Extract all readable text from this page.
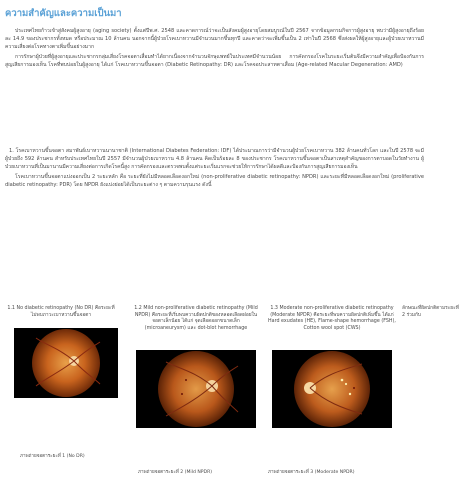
ความสำคัญและความเป็นมา
ประเทศไทยก้าวเข้าสู่สังคมผู้สูงอายุ (aging society) ตั้งแต่ปีพ.ศ. 2548 และคาดการณ์ว่าจะเป็นสังคมผู้สูงอายุโดยสมบูรณ์ในปี 2567 จากข้อมูลกรมกิจการผู้สูงอายุ พบว่ามีผู้สูงอายุถึงร้อยละ 14.9 ของประชากรทั้งหมด หรือประมาณ 10 ล้านคน นอกจากนี้ผู้ป่วยโรคเบาหวานมีจำนวนมากขึ้นทุกปี และคาดว่าจะเพิ่มขึ้นเป็น 2 เท่าในปี 2568 ซึ่งส่งผลให้ผู้สูงอายุและผู้ป่วยเบาหวานมีความเสี่ยงต่อโรคทางตาเพิ่มขึ้นอย่างมาก
การรักษาผู้ป่วยที่ผู้สูงอายุและประชากรกลุ่มเสี่ยงโรคจอตาเสื่อมทำได้ยากเนื่องจากจำนวนจักษุแพทย์ในประเทศมีจำนวนน้อย การคัดกรองโรคในระยะเริ่มต้นจึงมีความสำคัญเพื่อป้องกันการสูญเสียการมองเห็น โรคที่พบบ่อยในผู้สูงอายุ ได้แก่ โรคเบาหวานขึ้นจอตา (Diabetic Retinopathy: DR) และโรคจอประสาทตาเสื่อม (Age-related Macular Degeneration: AMD)
1. โรคเบาหวานขึ้นจอตา สมาพันธ์เบาหวานนานาชาติ (International Diabetes Federation: IDF) ได้ประมาณการว่ามีจำนวนผู้ป่วยโรคเบาหวาน 382 ล้านคนทั่วโลก และในปี 2578 จะมีผู้ป่วยถึง 592 ล้านคน สำหรับประเทศไทยในปี 2557 มีจำนวนผู้ป่วยเบาหวาน 4.8 ล้านคน คิดเป็นร้อยละ 8 ของประชากร โรคเบาหวานขึ้นจอตาเป็นสาเหตุสำคัญของการตาบอดในวัยทำงาน ผู้ป่วยเบาหวานที่เป็นมานานมีความเสี่ยงต่อการเกิดโรคนี้สูง การคัดกรองและตรวจพบตั้งแต่ระยะเริ่มแรกจะช่วยให้การรักษาได้ผลดีและป้องกันการสูญเสียการมองเห็น
โรคเบาหวานขึ้นจอตาแบ่งออกเป็น 2 ระยะหลัก คือ ระยะที่ยังไม่มีหลอดเลือดงอกใหม่ (non-proliferative diabetic retinopathy: NPDR) และระยะที่มีหลอดเลือดงอกใหม่ (proliferative diabetic retinopathy: PDR) โดย NPDR ยังแบ่งย่อยได้เป็นระยะต่าง ๆ ตามความรุนแรง ดังนี้
1.1 No diabetic retinopathy (No DR) คือระยะที่ไม่พบภาวะเบาหวานขึ้นจอตา
ภาพถ่ายจอตาระยะที่ 1 (No DR)
1.2 Mild non-proliferative diabetic retinopathy (Mild NPDR) คือระยะที่เริ่มพบความผิดปกติของหลอดเลือดฝอยในจอตาเล็กน้อย ได้แก่ จุดเลือดออกขนาดเล็ก (microaneurysm) และ dot-blot hemorrhage
ภาพถ่ายจอตาระยะที่ 2 (Mild NPDR)
1.3 Moderate non-proliferative diabetic retinopathy (Moderate NPDR) คือระยะที่พบความผิดปกติเพิ่มขึ้น ได้แก่ Hard exudates (HE), Flame-shape hemorrhage (FSH), Cotton wool spot (CWS)
ภาพถ่ายจอตาระยะที่ 3 (Moderate NPDR)
ลักษณะที่ผิดปกติตามระยะที่ 2 ร่วมกับ
